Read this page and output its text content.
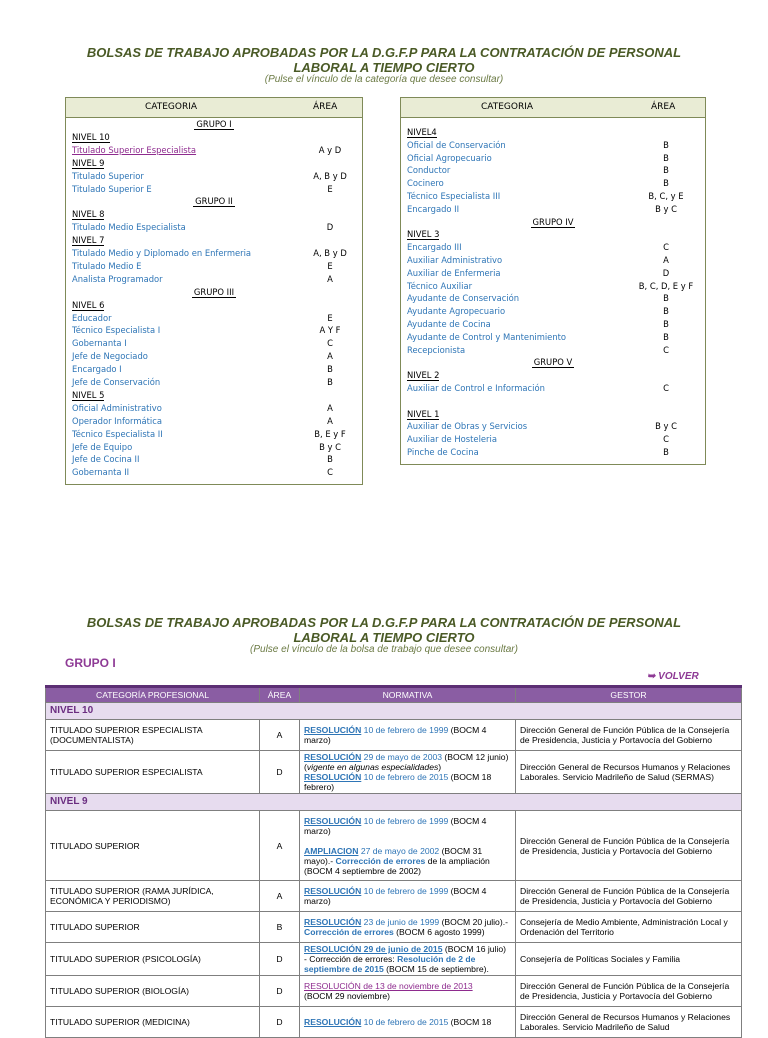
BOLSAS DE TRABAJO APROBADAS POR LA D.G.F.P PARA LA CONTRATACIÓN DE PERSONAL
LABORAL A TIEMPO CIERTO
(Pulse el vínculo de la categoría que desee consultar)
CATEGORIA	ÁREA
GRUPO I
NIVEL 10
Titulado Superior Especialista	A y D
NIVEL 9
Titulado Superior	A, B y D
Titulado Superior E	E
GRUPO II
NIVEL 8
Titulado Medio Especialista	D
NIVEL 7
Titulado Medio y Diplomado en Enfermeria	A, B y D
Titulado Medio E	E
Analista Programador	A
GRUPO III
NIVEL 6
Educador	E
Técnico Especialista I	A Y F
Gobernanta I	C
Jefe de Negociado	A
Encargado I	B
Jefe de Conservación	B
NIVEL 5
Oficial Administrativo	A
Operador Informática	A
Técnico Especialista II	B, E y F
Jefe de Equipo	B y C
Jefe de Cocina II	B
Gobernanta II	C
CATEGORIA	ÁREA
NIVEL4
Oficial de Conservación	B
Oficial Agropecuario	B
Conductor	B
Cocinero	B
Técnico Especialista III	B, C, y E
Encargado II	B y C
GRUPO IV
NIVEL 3
Encargado III	C
Auxiliar Administrativo	A
Auxiliar de Enfermeria	D
Técnico Auxiliar	B, C, D, E y F
Ayudante de Conservación	B
Ayudante Agropecuario	B
Ayudante de Cocina	B
Ayudante de Control y Mantenimiento	B
Recepcionista	C
GRUPO V
NIVEL 2
Auxiliar de Control e Información	C
NIVEL 1
Auxiliar de Obras y Servicios	B y C
Auxiliar de Hosteleria	C
Pinche de Cocina	B
BOLSAS DE TRABAJO APROBADAS POR LA D.G.F.P PARA LA CONTRATACIÓN DE PERSONAL
LABORAL A TIEMPO CIERTO
(Pulse el vínculo de la bolsa de trabajo que desee consultar)
GRUPO I
➥ VOLVER
CATEGORÍA PROFESIONAL	ÁREA	NORMATIVA	GESTOR
NIVEL 10			
TITULADO SUPERIOR ESPECIALISTA (DOCUMENTALISTA)	A	RESOLUCIÓN 10 de febrero de 1999 (BOCM 4 marzo)	Dirección General de Función Pública de la Consejería de Presidencia, Justicia y Portavocía del Gobierno
TITULADO SUPERIOR ESPECIALISTA	D	RESOLUCIÓN 29 de mayo de 2003 (BOCM 12 junio) (vigente en algunas especialidades)
RESOLUCIÓN 10 de febrero de 2015 (BOCM 18 febrero)	Dirección General de Recursos Humanos y Relaciones Laborales. Servicio Madrileño de Salud (SERMAS)
NIVEL 9			
TITULADO SUPERIOR	A	RESOLUCIÓN 10 de febrero de 1999 (BOCM 4 marzo)

AMPLIACION 27 de mayo de 2002 (BOCM 31 mayo).- Corrección de errores de la ampliación (BOCM 4 septiembre de 2002)	Dirección General de Función Pública de la Consejería de Presidencia, Justicia y Portavocía del Gobierno
TITULADO SUPERIOR (RAMA JURÍDICA, ECONÓMICA Y PERIODISMO)	A	RESOLUCIÓN 10 de febrero de 1999 (BOCM 4 marzo)	Dirección General de Función Pública de la Consejería de Presidencia, Justicia y Portavocía del Gobierno
TITULADO SUPERIOR	B	RESOLUCIÓN 23 de junio de 1999 (BOCM 20 julio).- Corrección de errores (BOCM 6 agosto 1999)	Consejería de Medio Ambiente, Administración Local y Ordenación del Territorio
TITULADO SUPERIOR (PSICOLOGÍA)	D	RESOLUCIÓN 29 de junio de 2015 (BOCM 16 julio) - Corrección de errores: Resolución de 2 de septiembre de 2015 (BOCM 15 de septiembre).	Consejería de Políticas Sociales y Familia
TITULADO SUPERIOR (BIOLOGÍA)	D	RESOLUCIÓN de 13 de noviembre de 2013
(BOCM 29 noviembre)	Dirección General de Función Pública de la Consejería de Presidencia, Justicia y Portavocía del Gobierno
TITULADO SUPERIOR (MEDICINA)	D	RESOLUCIÓN 10 de febrero de 2015 (BOCM 18	Dirección General de Recursos Humanos y Relaciones Laborales. Servicio Madrileño de Salud
